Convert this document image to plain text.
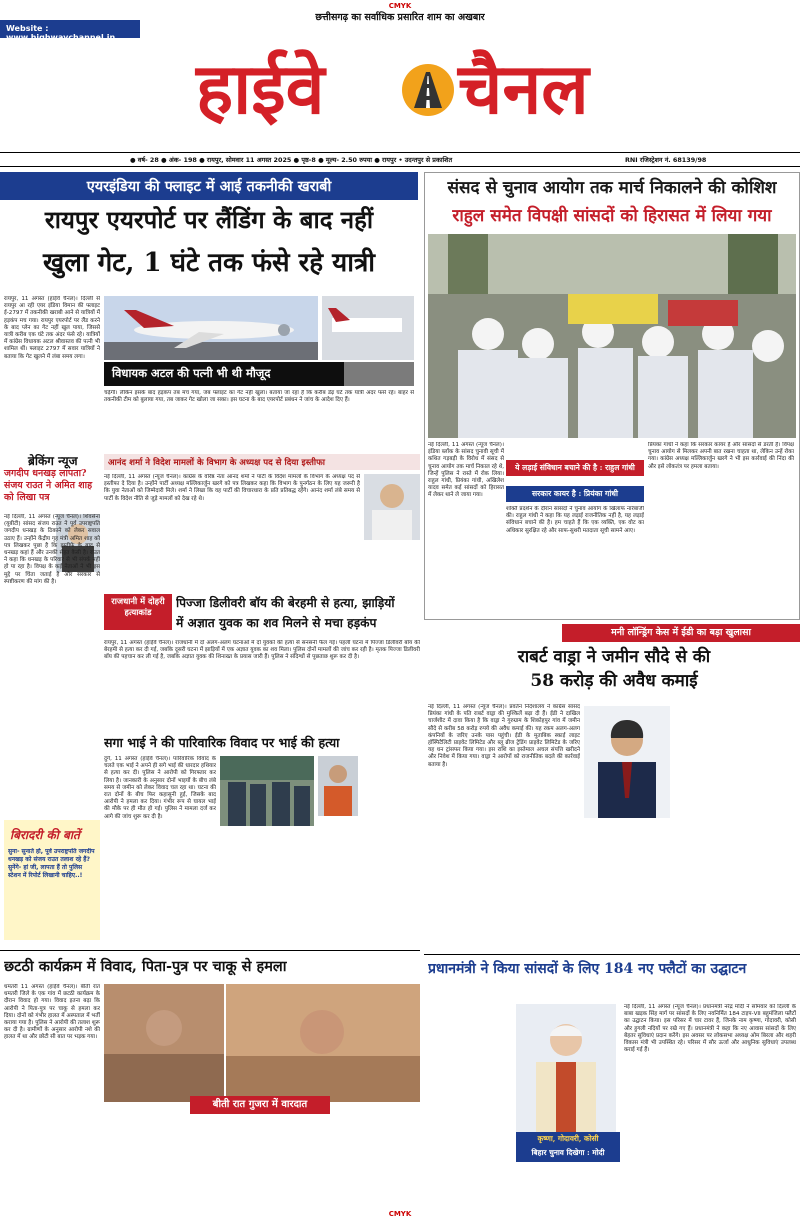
CMYK
Website : www.highwaychannel.in
छत्तीसगढ़ का सर्वाधिक प्रसारित शाम का अखबार
हाईवे चैनल
● वर्ष- 28 ● अंक- 198 ● रायपुर, सोमवार 11 अगस्त 2025 ● पृष्ठ-8 ● मूल्य- 2.50 रुपया ● रायपुर • उदन्तपुर से प्रकाशित	RNI रजिस्ट्रेशन नं. 68139/98
एयरइंडिया की फ्लाइट में आई तकनीकी खराबी
रायपुर एयरपोर्ट पर लैंडिंग के बाद नहीं
खुला गेट, 1 घंटे तक फंसे रहे यात्री
रायपुर, 11 अगस्त (हाईवे चैनल)। दिल्ली से रायपुर आ रही एयर इंडिया विमान की फ्लाइट ई-2797 में तकनीकी खराबी आने से यात्रियों में हड़कंप मच गया। रायपुर एयरपोर्ट पर लैंड करने के बाद प्लेन का गेट नहीं खुल पाया, जिससे यात्री करीब एक घंटे तक अंदर फंसे रहे। यात्रियों में कांग्रेस विधायक अटल श्रीवास्तव की पत्नी भी शामिल थीं। फ्लाइट 2797 में सवार यात्रियों ने बताया कि गेट खुलने में लंबा समय लगा।
विधायक अटल की पत्नी भी थी मौजूद
चढ़ेंगी। लेकिन इसके बाद हड़कंप तब मच गया, जब फ्लाइट का गेट नहीं खुला। बताया जा रहा है कि करीब डेढ़ घंटे तक यात्री अंदर फंसे रहे। बाहर से तकनीकी टीम को बुलाया गया, तब जाकर गेट खोला जा सका। इस घटना के बाद एयरपोर्ट प्रबंधन ने जांच के आदेश दिए हैं।
संसद से चुनाव आयोग तक मार्च निकालने की कोशिश
राहुल समेत विपक्षी सांसदों को हिरासत में लिया गया
ये लड़ाई संविधान बचाने की है : राहुल गांधी
सरकार कायर है : प्रियंका गांधी
नई दिल्ली, 11 अगस्त (न्यूज चैनल)। इंडिया ब्लॉक के सांसद चुनावी सूची में कथित गड़बड़ी के विरोध में संसद से चुनाव आयोग तक मार्च निकाल रहे थे, जिन्हें पुलिस ने रास्ते में रोक लिया। राहुल गांधी, प्रियंका गांधी, अखिलेश यादव समेत कई सांसदों को हिरासत में लेकर थाने ले जाया गया।
शक्ति प्रदर्शन के दौरान सांसदों ने चुनाव आयोग के खिलाफ नारेबाजी की। राहुल गांधी ने कहा कि यह लड़ाई राजनीतिक नहीं है, यह लड़ाई संविधान बचाने की है। हम चाहते हैं कि एक व्यक्ति, एक वोट का अधिकार सुरक्षित रहे और साफ-सुथरी मतदाता सूची सामने आए।
प्रियंका गांधी ने कहा कि सरकार कायर है और सांसदों से डरती है। विपक्ष चुनाव आयोग से मिलकर अपनी बात रखना चाहता था, लेकिन उन्हें रोका गया। कांग्रेस अध्यक्ष मल्लिकार्जुन खरगे ने भी इस कार्रवाई की निंदा की और इसे लोकतंत्र पर हमला बताया।
ब्रेकिंग न्यूज
जगदीप धनखड़ लापता? संजय राउत ने अमित शाह को लिखा पत्र
नई दिल्ली, 11 अगस्त (न्यूज चैनल)। शिवसेना (यूबीटी) सांसद संजय राउत ने पूर्व उपराष्ट्रपति जगदीप धनखड़ के ठिकाने को लेकर सवाल उठाए हैं। उन्होंने केंद्रीय गृह मंत्री अमित शाह को पत्र लिखकर पूछा है कि इस्तीफे के बाद से धनखड़ कहां हैं और उनकी सेहत कैसी है। राउत ने कहा कि धनखड़ के परिवार से भी संपर्क नहीं हो पा रहा है। विपक्ष के कई नेताओं ने भी इस मुद्दे पर चिंता जताई है और सरकार से स्पष्टीकरण की मांग की है।
आनंद शर्मा ने विदेश मामलों के विभाग के अध्यक्ष पद से दिया इस्तीफा
नई दिल्ली, 11 अगस्त (न्यूज चैनल)। कांग्रेस के वरिष्ठ नेता आनंद शर्मा ने पार्टी के विदेश मामलों के विभाग के अध्यक्ष पद से इस्तीफा दे दिया है। उन्होंने पार्टी अध्यक्ष मल्लिकार्जुन खरगे को पत्र लिखकर कहा कि विभाग के पुनर्गठन के लिए यह जरूरी है कि युवा नेताओं को जिम्मेदारी मिले। शर्मा ने लिखा कि वह पार्टी की विचारधारा के प्रति प्रतिबद्ध रहेंगे। आनंद शर्मा लंबे समय से पार्टी के विदेश नीति से जुड़े मामलों को देख रहे थे।
राजधानी में दोहरी हत्याकांड
पिज्जा डिलीवरी बॉय की बेरहमी से हत्या, झाड़ियों
में अज्ञात युवक का शव मिलने से मचा हड़कंप
रायपुर, 11 अगस्त (हाईवे चैनल)। राजधानी में दो अलग-अलग घटनाओं में दो युवकों की हत्या से सनसनी फैल गई। पहली घटना में पिज्जा डिलीवरी बॉय की बेरहमी से हत्या कर दी गई, जबकि दूसरी घटना में झाड़ियों में एक अज्ञात युवक का शव मिला। पुलिस दोनों मामलों की जांच कर रही है। मृतक पिज्जा डिलीवरी बॉय की पहचान कर ली गई है, जबकि अज्ञात युवक की शिनाख्त के प्रयास जारी हैं। पुलिस ने संदिग्धों से पूछताछ शुरू कर दी है।
मनी लॉन्ड्रिंग केस में ईडी का बड़ा खुलासा
राबर्ट वाड्रा ने जमीन सौदे से की
58 करोड़ की अवैध कमाई
नई दिल्ली, 11 अगस्त (न्यूज चैनल)। प्रवर्तन निदेशालय ने कांग्रेस सांसद प्रियंका गांधी के पति राबर्ट वाड्रा की मुश्किलें बढ़ा दी हैं। ईडी ने दाखिल चार्जशीट में दावा किया है कि वाड्रा ने गुरुग्राम के शिकोहपुर गांव में जमीन सौदे से करीब 58 करोड़ रुपये की अवैध कमाई की। यह रकम अलग-अलग कंपनियों के जरिए उनके पास पहुंची। ईडी के मुताबिक स्काई लाइट हॉस्पिटैलिटी प्राइवेट लिमिटेड और ब्लू ब्रीज ट्रेडिंग प्राइवेट लिमिटेड के जरिए यह धन ट्रांसफर किया गया। इस राशि का इस्तेमाल अचल संपत्ति खरीदने और निवेश में किया गया। वाड्रा ने आरोपों को राजनीतिक बदले की कार्रवाई बताया है।
सगा भाई ने की पारिवारिक विवाद पर भाई की हत्या
दुर्ग, 11 अगस्त (हाईवे चैनल)। पारिवारिक विवाद के चलते एक भाई ने अपने ही सगे भाई की धारदार हथियार से हत्या कर दी। पुलिस ने आरोपी को गिरफ्तार कर लिया है। जानकारी के अनुसार दोनों भाइयों के बीच लंबे समय से जमीन को लेकर विवाद चल रहा था। घटना की रात दोनों के बीच फिर कहासुनी हुई, जिसके बाद आरोपी ने हमला कर दिया। गंभीर रूप से घायल भाई की मौके पर ही मौत हो गई। पुलिस ने मामला दर्ज कर आगे की जांच शुरू कर दी है।
बिरादरी की बातें
सुना- सुनाते हो, पूर्व उपराष्ट्रपति जगदीप धनखड़ को संजय राउत तलाश रहे हैं? सुनेंगे- हां जी, लापता हैं तो पुलिस स्टेशन में रिपोर्ट लिखानी चाहिए..!
छटठी कार्यक्रम में विवाद, पिता-पुत्र पर चाकू से हमला
धमतरी 11 अगस्त (हाईवे चैनल)। बीती रात धमतरी जिले के एक गांव में छटठी कार्यक्रम के दौरान विवाद हो गया। विवाद इतना बढ़ा कि आरोपी ने पिता-पुत्र पर चाकू से हमला कर दिया। दोनों को गंभीर हालत में अस्पताल में भर्ती कराया गया है। पुलिस ने आरोपी की तलाश शुरू कर दी है। ग्रामीणों के अनुसार आरोपी नशे की हालत में था और छोटी सी बात पर भड़क गया।
बीती रात गुजरा में वारदात
प्रधानमंत्री ने किया सांसदों के लिए 184 नए फ्लैटों का उद्घाटन
कृष्णा, गोदावरी, कोसी
बिहार चुनाव दिखेगा : मोदी
नई दिल्ली, 11 अगस्त (न्यूज चैनल)। प्रधानमंत्री नरेंद्र मोदी ने सोमवार को दिल्ली के बाबा खड़क सिंह मार्ग पर सांसदों के लिए नवनिर्मित 184 टाइप-VII बहुमंजिला फ्लैटों का उद्घाटन किया। इस परिसर में चार टावर हैं, जिनके नाम कृष्णा, गोदावरी, कोसी और हुगली नदियों पर रखे गए हैं। प्रधानमंत्री ने कहा कि नए आवास सांसदों के लिए बेहतर सुविधाएं प्रदान करेंगे। इस अवसर पर लोकसभा अध्यक्ष ओम बिरला और शहरी विकास मंत्री भी उपस्थित रहे। परिसर में सौर ऊर्जा और आधुनिक सुविधाएं उपलब्ध कराई गई हैं।
CMYK
